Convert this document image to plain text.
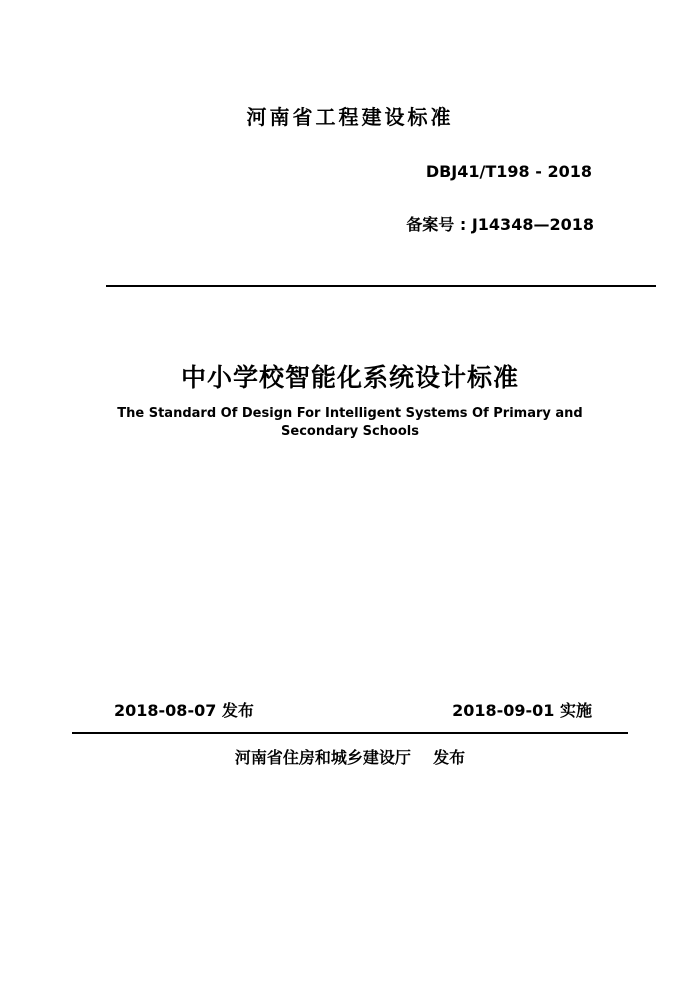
河南省工程建设标准
DBJ41/T198 - 2018
备案号 : J14348—2018
中小学校智能化系统设计标准
The Standard Of Design For Intelligent Systems Of Primary and
Secondary Schools
2018-08-07 发布	2018-09-01 实施
河南省住房和城乡建设厅    发布
